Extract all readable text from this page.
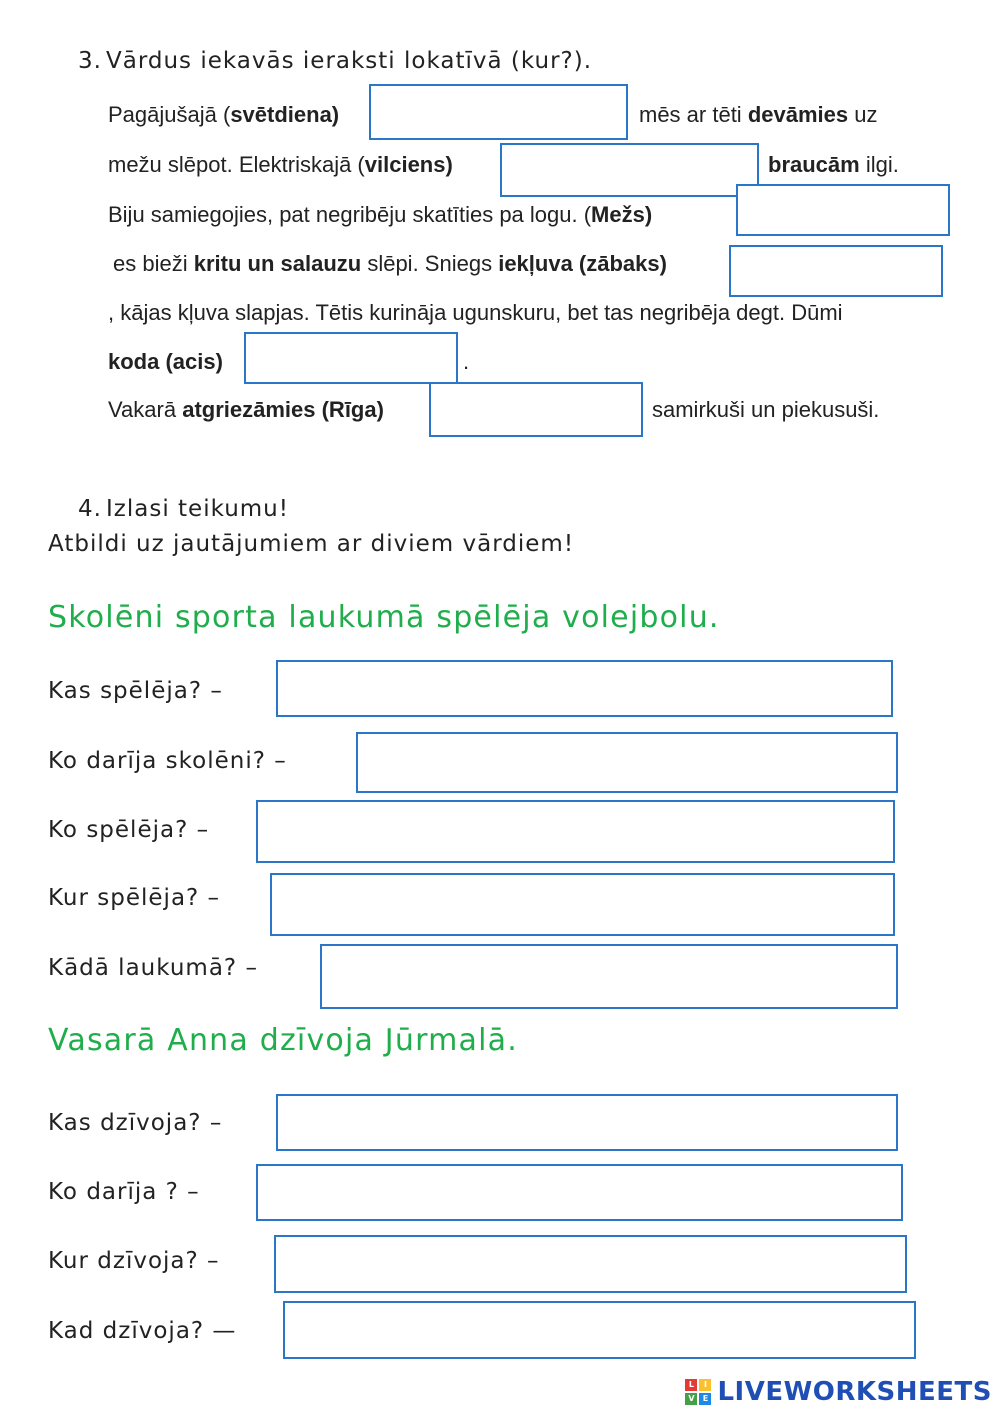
3. Vārdus iekavās ieraksti lokatīvā (kur?).
Pagājušajā (svētdiena)	mēs ar tēti devāmies uz
mežu slēpot. Elektriskajā (vilciens)	braucām ilgi.
Biju samiegojies, pat negribēju skatīties pa logu. (Mežs)
es bieži kritu un salauzu slēpi. Sniegs iekļuva (zābaks)
, kājas kļuva slapjas. Tētis kurināja ugunskuru, bet tas negribēja degt. Dūmi
koda (acis)	.
Vakarā atgriezāmies (Rīga)	samirkuši un piekusuši.
4. Izlasi teikumu!
Atbildi uz jautājumiem ar diviem vārdiem!
Skolēni sporta laukumā spēlēja volejbolu.
Kas spēlēja? –
Ko darīja skolēni? –
Ko spēlēja? –
Kur spēlēja? –
Kādā laukumā? –
Vasarā Anna dzīvoja Jūrmalā.
Kas dzīvoja? –
Ko darīja ? –
Kur dzīvoja? –
Kad dzīvoja? —
L	I
V	E LIVEWORKSHEETS
